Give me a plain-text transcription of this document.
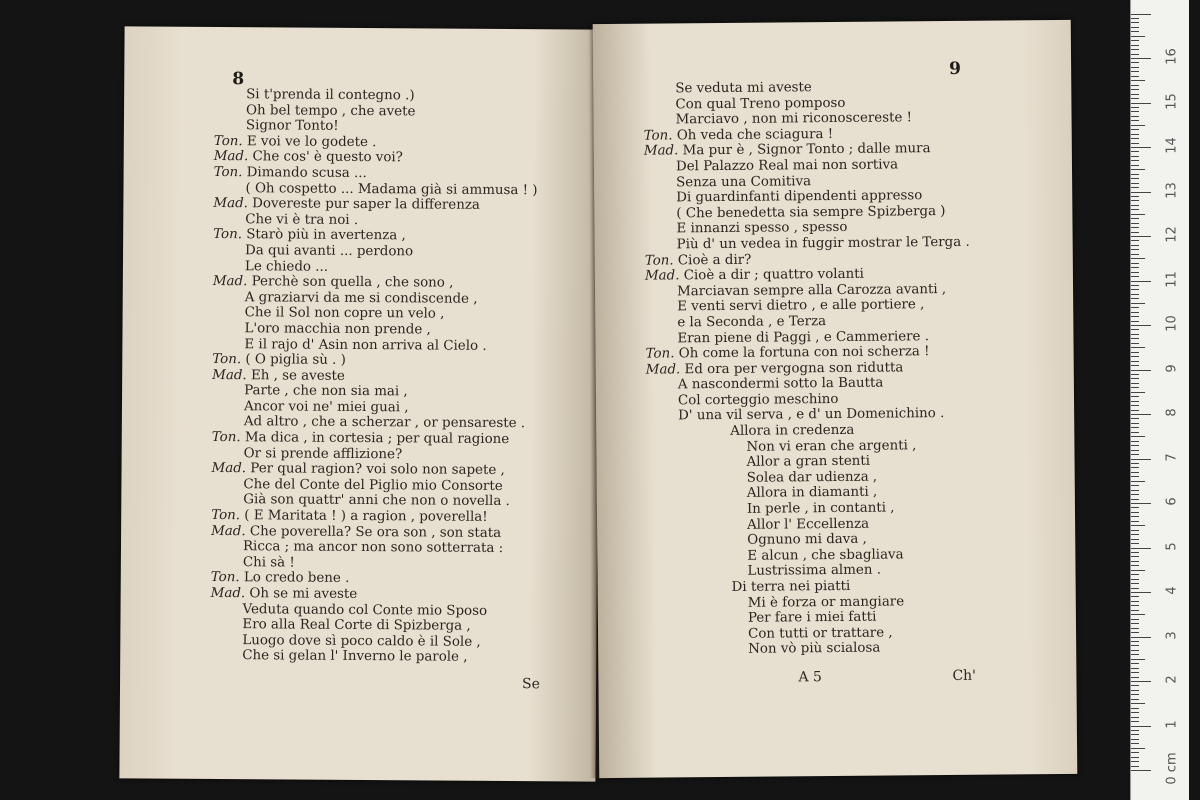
8
Si t'prenda il contegno .)
Oh bel tempo , che avete
Signor Tonto!
Ton. E voi ve lo godete .
Mad. Che cos' è questo voi?
Ton. Dimando scusa ...
( Oh cospetto ... Madama già si ammusa ! )
Mad. Dovereste pur saper la differenza
Che vi è tra noi .
Ton. Starò più in avertenza ,
Da qui avanti ... perdono
Le chiedo ...
Mad. Perchè son quella , che sono ,
A graziarvi da me si condiscende ,
Che il Sol non copre un velo ,
L'oro macchia non prende ,
E il rajo d' Asin non arriva al Cielo .
Ton. ( O piglia sù . )
Mad. Eh , se aveste
Parte , che non sia mai ,
Ancor voi ne' miei guai ,
Ad altro , che a scherzar , or pensareste .
Ton. Ma dica , in cortesia ; per qual ragione
Or si prende afflizione?
Mad. Per qual ragion? voi solo non sapete ,
Che del Conte del Piglio mio Consorte
Già son quattr' anni che non o novella .
Ton. ( E Maritata ! ) a ragion , poverella!
Mad. Che poverella? Se ora son , son stata
Ricca ; ma ancor non sono sotterrata :
Chi sà !
Ton. Lo credo bene .
Mad. Oh se mi aveste
Veduta quando col Conte mio Sposo
Ero alla Real Corte di Spizberga ,
Luogo dove sì poco caldo è il Sole ,
Che si gelan l' Inverno le parole ,
Se
9
Se veduta mi aveste
Con qual Treno pomposo
Marciavo , non mi riconoscereste !
Ton. Oh veda che sciagura !
Mad. Ma pur è , Signor Tonto ; dalle mura
Del Palazzo Real mai non sortiva
Senza una Comitiva
Di guardinfanti dipendenti appresso
( Che benedetta sia sempre Spizberga )
E innanzi spesso , spesso
Più d' un vedea in fuggir mostrar le Terga .
Ton. Cioè a dir?
Mad. Cioè a dir ; quattro volanti
Marciavan sempre alla Carozza avanti ,
E venti servi dietro , e alle portiere ,
e la Seconda , e Terza
Eran piene di Paggi , e Cammeriere .
Ton. Oh come la fortuna con noi scherza !
Mad. Ed ora per vergogna son ridutta
A nascondermi sotto la Bautta
Col corteggio meschino
D' una vil serva , e d' un Domenichino .
Allora in credenza
Non vi eran che argenti ,
Allor a gran stenti
Solea dar udienza ,
Allora in diamanti ,
In perle , in contanti ,
Allor l' Eccellenza
Ognuno mi dava ,
E alcun , che sbagliava
Lustrissima almen .
Di terra nei piatti
Mi è forza or mangiare
Per fare i miei fatti
Con tutti or trattare ,
Non vò più scialosa
A 5	Ch'
0 cm
1
2
3
4
5
6
7
8
9
10
11
12
13
14
15
16
